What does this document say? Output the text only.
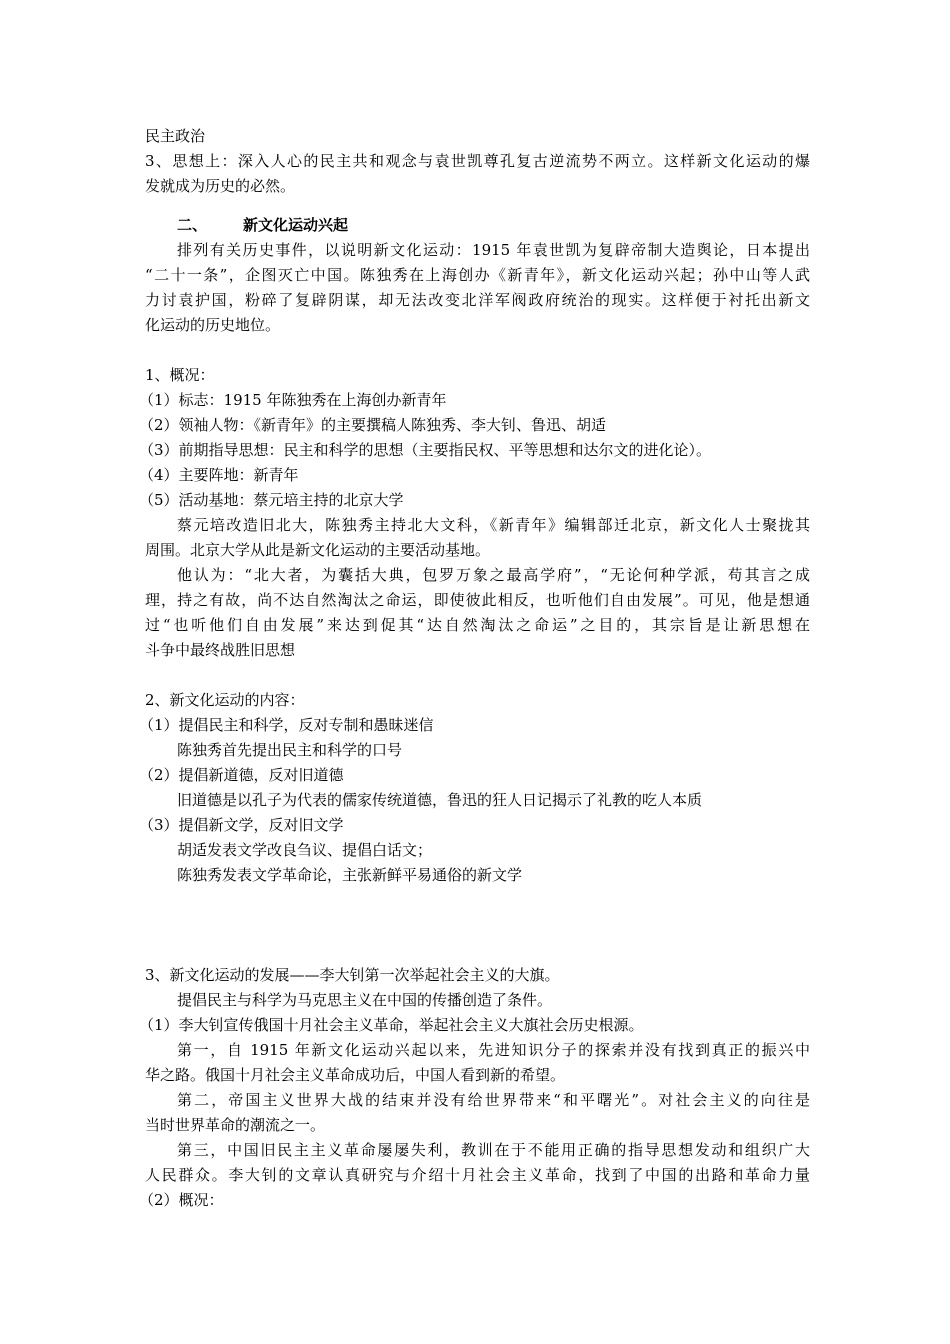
民主政治
3、思想上：深入人心的民主共和观念与袁世凯尊孔复古逆流势不两立。这样新文化运动的爆
发就成为历史的必然。
二、 新文化运动兴起
排列有关历史事件，以说明新文化运动：1915 年袁世凯为复辟帝制大造舆论，日本提出
“二十一条”，企图灭亡中国。陈独秀在上海创办《新青年》，新文化运动兴起；孙中山等人武
力讨袁护国，粉碎了复辟阴谋，却无法改变北洋军阀政府统治的现实。这样便于衬托出新文
化运动的历史地位。
1、概况：
（1）标志：1915 年陈独秀在上海创办新青年
（2）领袖人物：《新青年》的主要撰稿人陈独秀、李大钊、鲁迅、胡适
（3）前期指导思想：民主和科学的思想（主要指民权、平等思想和达尔文的进化论）。
（4）主要阵地：新青年
（5）活动基地：蔡元培主持的北京大学
蔡元培改造旧北大，陈独秀主持北大文科，《新青年》编辑部迁北京，新文化人士聚拢其
周围。北京大学从此是新文化运动的主要活动基地。
他认为：“北大者，为囊括大典，包罗万象之最高学府”，“无论何种学派，苟其言之成
理，持之有故，尚不达自然淘汰之命运，即使彼此相反，也听他们自由发展”。可见，他是想通
过“也听他们自由发展”来达到促其“达自然淘汰之命运”之目的，其宗旨是让新思想在
斗争中最终战胜旧思想
2、新文化运动的内容：
（1）提倡民主和科学，反对专制和愚昧迷信
陈独秀首先提出民主和科学的口号
（2）提倡新道德，反对旧道德
旧道德是以孔子为代表的儒家传统道德，鲁迅的狂人日记揭示了礼教的吃人本质
（3）提倡新文学，反对旧文学
胡适发表文学改良刍议、提倡白话文；
陈独秀发表文学革命论，主张新鲜平易通俗的新文学
3、新文化运动的发展——李大钊第一次举起社会主义的大旗。
提倡民主与科学为马克思主义在中国的传播创造了条件。
（1）李大钊宣传俄国十月社会主义革命，举起社会主义大旗社会历史根源。
第一，自 1915 年新文化运动兴起以来，先进知识分子的探索并没有找到真正的振兴中
华之路。俄国十月社会主义革命成功后，中国人看到新的希望。
第二，帝国主义世界大战的结束并没有给世界带来“和平曙光”。对社会主义的向往是
当时世界革命的潮流之一。
第三，中国旧民主主义革命屡屡失利，教训在于不能用正确的指导思想发动和组织广大
人民群众。李大钊的文章认真研究与介绍十月社会主义革命，找到了中国的出路和革命力量
（2）概况：
